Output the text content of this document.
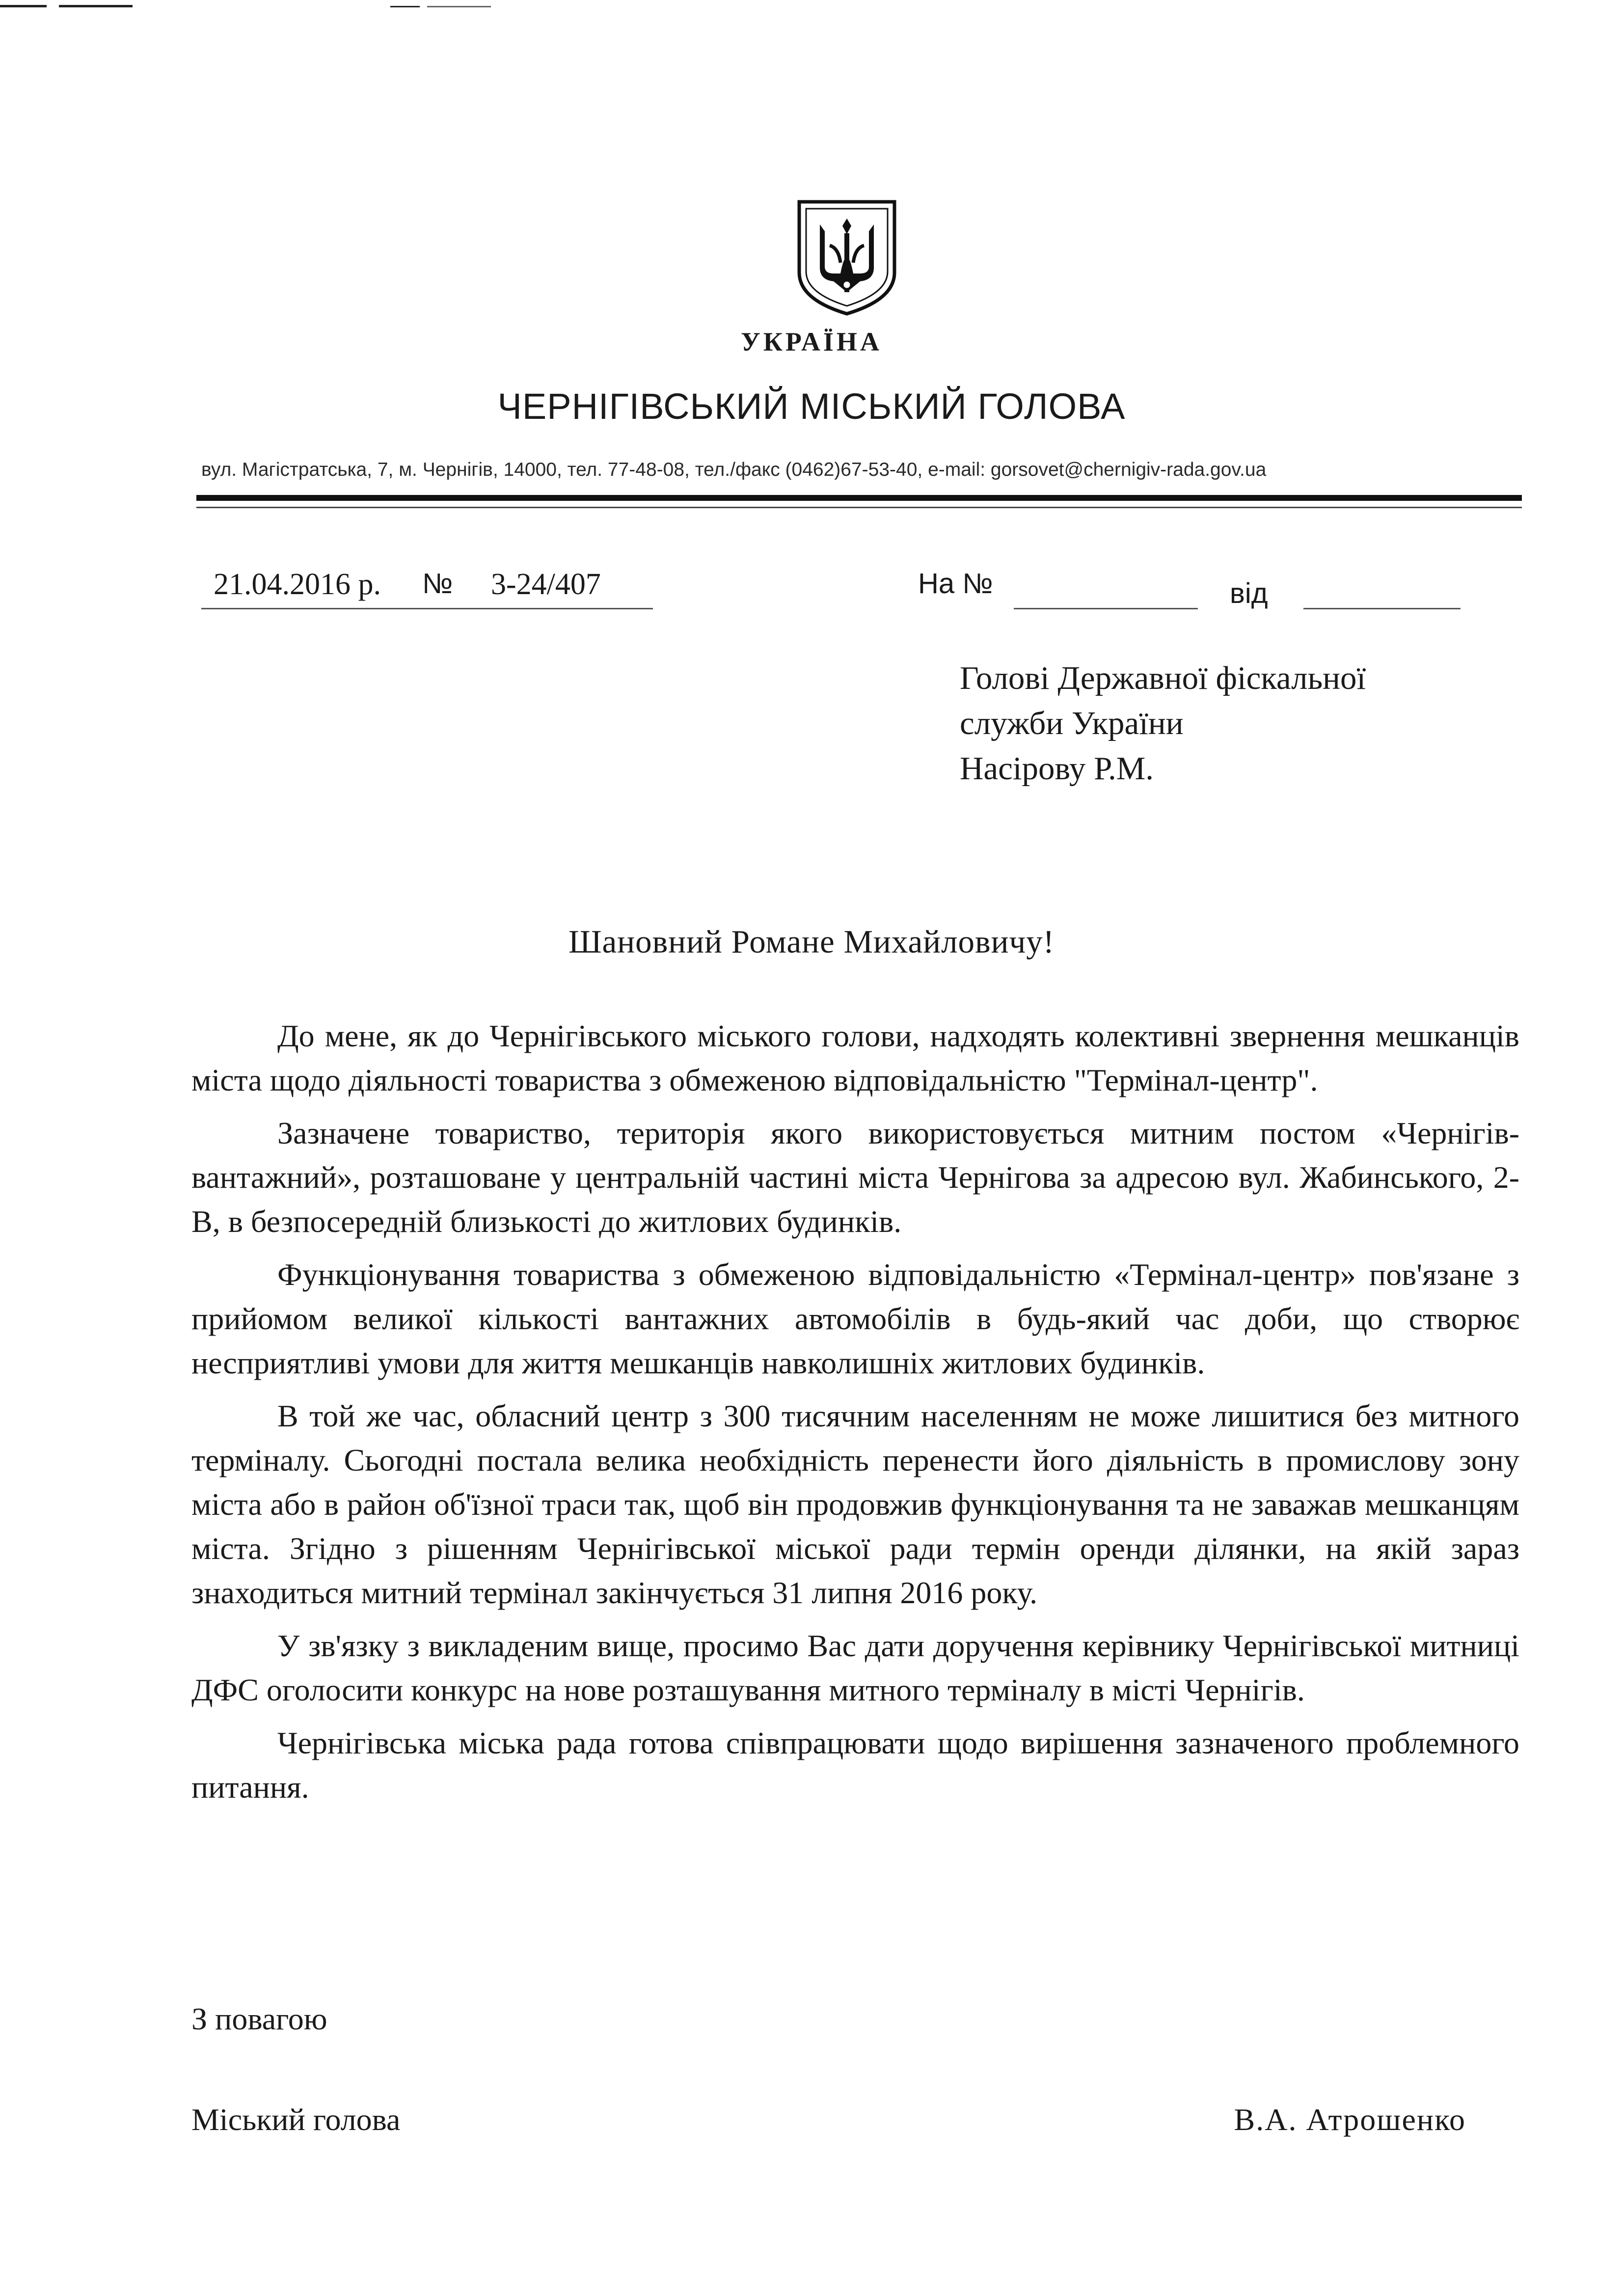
УКРАЇНА
ЧЕРНІГІВСЬКИЙ МІСЬКИЙ ГОЛОВА
вул. Магістратська, 7, м. Чернігів, 14000, тел. 77-48-08, тел./факс (0462)67-53-40, e-mail: gorsovet@chernigiv-rada.gov.ua
21.04.2016 р. № 3-24/407	На №	від
Голові Державної фіскальної
служби України
Насірову Р.М.
Шановний Романе Михайловичу!

До мене, як до Чернігівського міського голови, надходять колективні звернення мешканців міста щодо діяльності товариства з обмеженою відповідальністю "Термінал-центр".

Зазначене товариство, територія якого використовується митним постом «Чернігів-вантажний», розташоване у центральній частині міста Чернігова за адресою вул. Жабинського, 2-В, в безпосередній близькості до житлових будинків.

Функціонування товариства з обмеженою відповідальністю «Термінал-центр» пов'язане з прийомом великої кількості вантажних автомобілів в будь-який час доби, що створює несприятливі умови для життя мешканців навколишніх житлових будинків.

В той же час, обласний центр з 300 тисячним населенням не може лишитися без митного терміналу. Сьогодні постала велика необхідність перенести його діяльність в промислову зону міста або в район об'їзної траси так, щоб він продовжив функціонування та не заважав мешканцям міста. Згідно з рішенням Чернігівської міської ради термін оренди ділянки, на якій зараз знаходиться митний термінал закінчується 31 липня 2016 року.

У зв'язку з викладеним вище, просимо Вас дати доручення керівнику Чернігівської митниці ДФС оголосити конкурс на нове розташування митного терміналу в місті Чернігів.

Чернігівська міська рада готова співпрацювати щодо вирішення зазначеного проблемного питання.

З повагою
Міський голова	В.А. Атрошенко
